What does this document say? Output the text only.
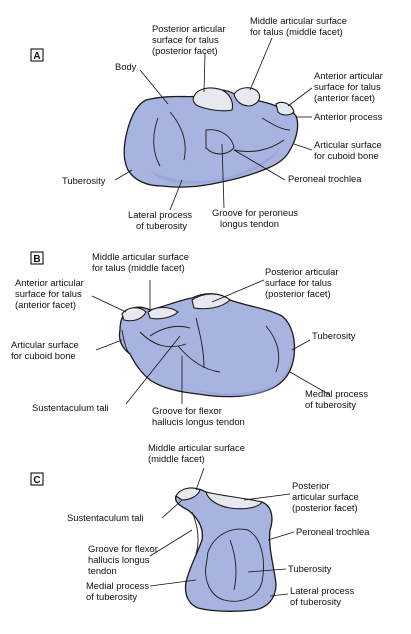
A
Posterior articular
surface for talus
(posterior facet)
Middle articular surface
for talus (middle facet)
Body
Anterior articular
surface for talus
(anterior facet)
Anterior process
Articular surface
for cuboid bone
Tuberosity	Peroneal trochlea
Lateral process
of tuberosity
Groove for peroneus
longus tendon
B	Middle articular surface
for talus (middle facet)
Anterior articular
surface for talus
(anterior facet)
Posterior articular
surface for talus
(posterior facet)
Articular surface
for cuboid bone
Tuberosity
Sustentaculum tali	Groove for flexor
hallucis longus tendon
Medial process
of tuberosity
C
Middle articular surface
(middle facet)
Posterior
articular surface
(posterior facet)
Sustentaculum tali
Peroneal trochlea
Groove for flexor
hallucis longus
tendon	Tuberosity
Medial process
of tuberosity
Lateral process
of tuberosity
